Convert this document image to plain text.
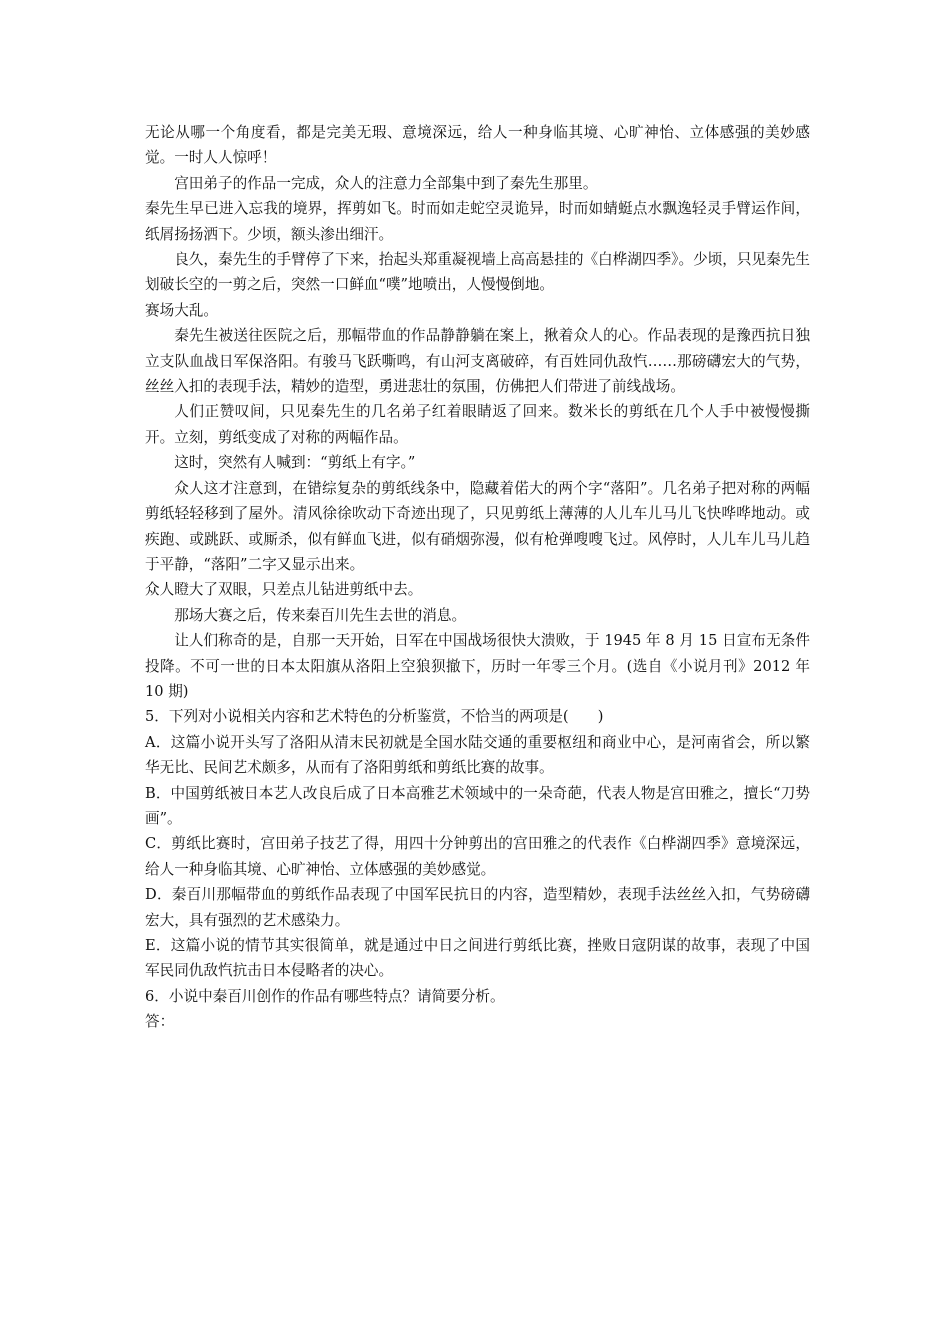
无论从哪一个角度看，都是完美无瑕、意境深远，给人一种身临其境、心旷神怡、立体感强的美妙感觉。一时人人惊呼！

宫田弟子的作品一完成，众人的注意力全部集中到了秦先生那里。

秦先生早已进入忘我的境界，挥剪如飞。时而如走蛇空灵诡异，时而如蜻蜓点水飘逸轻灵手臂运作间，纸屑扬扬洒下。少顷，额头渗出细汗。

良久，秦先生的手臂停了下来，抬起头郑重凝视墙上高高悬挂的《白桦湖四季》。少顷，只见秦先生划破长空的一剪之后，突然一口鲜血“噗”地喷出，人慢慢倒地。

赛场大乱。

秦先生被送往医院之后，那幅带血的作品静静躺在案上，揪着众人的心。作品表现的是豫西抗日独立支队血战日军保洛阳。有骏马飞跃嘶鸣，有山河支离破碎，有百姓同仇敌忾……那磅礴宏大的气势，丝丝入扣的表现手法，精妙的造型，勇进悲壮的氛围，仿佛把人们带进了前线战场。

人们正赞叹间，只见秦先生的几名弟子红着眼睛返了回来。数米长的剪纸在几个人手中被慢慢撕开。立刻，剪纸变成了对称的两幅作品。

这时，突然有人喊到：“剪纸上有字。”

众人这才注意到，在错综复杂的剪纸线条中，隐藏着偌大的两个字“落阳”。几名弟子把对称的两幅剪纸轻轻移到了屋外。清风徐徐吹动下奇迹出现了，只见剪纸上薄薄的人儿车儿马儿飞快哗哗地动。或疾跑、或跳跃、或厮杀，似有鲜血飞进，似有硝烟弥漫，似有枪弹嗖嗖飞过。风停时，人儿车儿马儿趋于平静，“落阳”二字又显示出来。

众人瞪大了双眼，只差点儿钻进剪纸中去。

那场大赛之后，传来秦百川先生去世的消息。

让人们称奇的是，自那一天开始，日军在中国战场很快大溃败，于 1945 年 8 月 15 日宣布无条件投降。不可一世的日本太阳旗从洛阳上空狼狈撤下，历时一年零三个月。(选自《小说月刊》2012 年 10 期)

5．下列对小说相关内容和艺术特色的分析鉴赏，不恰当的两项是(　　)

A．这篇小说开头写了洛阳从清末民初就是全国水陆交通的重要枢纽和商业中心，是河南省会，所以繁华无比、民间艺术颇多，从而有了洛阳剪纸和剪纸比赛的故事。

B．中国剪纸被日本艺人改良后成了日本高雅艺术领域中的一朵奇葩，代表人物是宫田雅之，擅长“刀势画”。

C．剪纸比赛时，宫田弟子技艺了得，用四十分钟剪出的宫田雅之的代表作《白桦湖四季》意境深远，给人一种身临其境、心旷神怡、立体感强的美妙感觉。

D．秦百川那幅带血的剪纸作品表现了中国军民抗日的内容，造型精妙，表现手法丝丝入扣，气势磅礴宏大，具有强烈的艺术感染力。

E．这篇小说的情节其实很简单，就是通过中日之间进行剪纸比赛，挫败日寇阴谋的故事，表现了中国军民同仇敌忾抗击日本侵略者的决心。

6．小说中秦百川创作的作品有哪些特点？请简要分析。

答：
